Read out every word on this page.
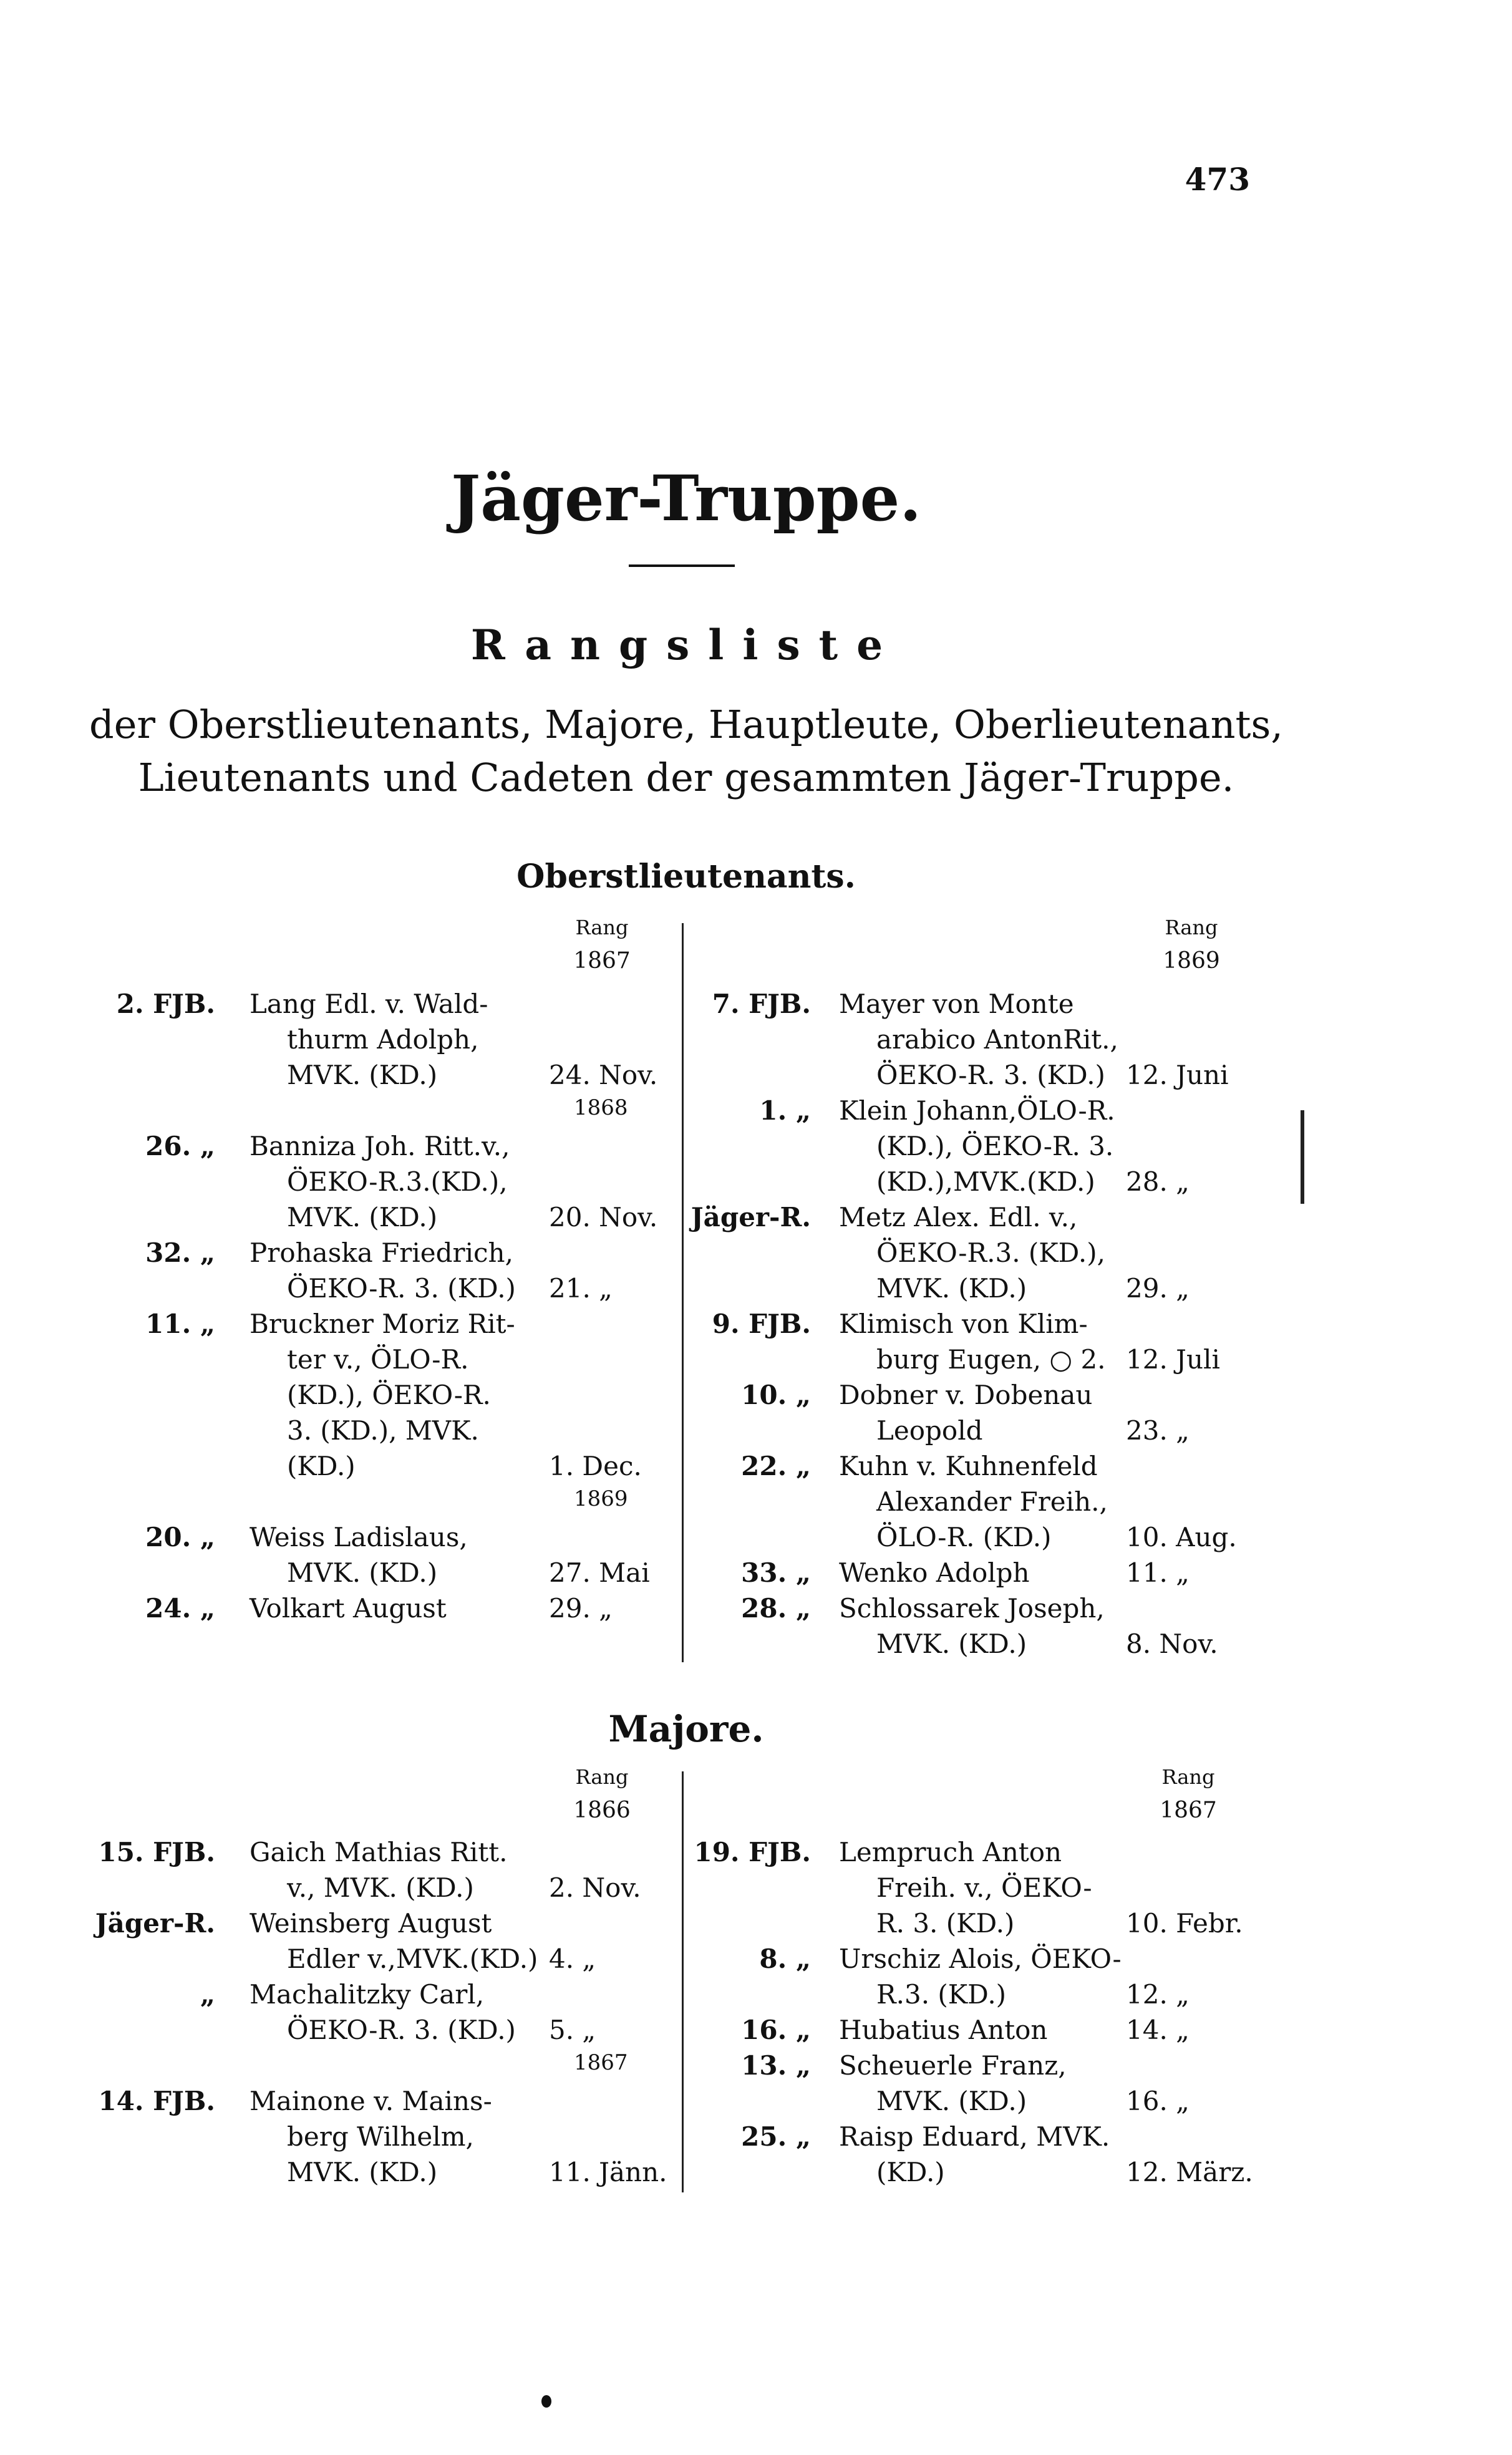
473
Jäger-Truppe.
Rangsliste
der Oberstlieutenants, Majore, Hauptleute, Oberlieutenants,
Lieutenants und Cadeten der gesammten Jäger-Truppe.
Oberstlieutenants.
Rang
1867
Rang
1869
2. FJB. Lang Edl. v. Wald-
thurm Adolph,
MVK. (KD.)	24. Nov.
1868
26. „ Banniza Joh. Ritt.v.,
ÖEKO-R.3.(KD.),
MVK. (KD.)	20. Nov.
32. „ Prohaska Friedrich,
ÖEKO-R. 3. (KD.) 21. „
11. „ Bruckner Moriz Rit-
ter v., ÖLO-R.
(KD.), ÖEKO-R.
3. (KD.), MVK.
(KD.)	1. Dec.
1869
20. „ Weiss Ladislaus,
MVK. (KD.)	27. Mai
24. „ Volkart August	29. „
7. FJB. Mayer von Monte
arabico AntonRit.,
ÖEKO-R. 3. (KD.) 12. Juni
1. „ Klein Johann,ÖLO-R.
(KD.), ÖEKO-R. 3.
(KD.),MVK.(KD.) 28. „
Jäger-R. Metz Alex. Edl. v.,
ÖEKO-R.3. (KD.),
MVK. (KD.)	29. „
9. FJB. Klimisch von Klim-
burg Eugen, ○ 2. 12. Juli
10. „ Dobner v. Dobenau
Leopold	23. „
22. „ Kuhn v. Kuhnenfeld
Alexander Freih.,
ÖLO-R. (KD.)	10. Aug.
33. „ Wenko Adolph	11. „
28. „ Schlossarek Joseph,
MVK. (KD.)	8. Nov.
Majore.
Rang
1866
Rang
1867
15. FJB. Gaich Mathias Ritt.
v., MVK. (KD.)	2. Nov.
Jäger-R. Weinsberg August
Edler v.,MVK.(KD.) 4. „
„ Machalitzky Carl,
ÖEKO-R. 3. (KD.) 5. „
1867
14. FJB. Mainone v. Mains-
berg Wilhelm,
MVK. (KD.)	11. Jänn.
19. FJB. Lempruch Anton
Freih. v., ÖEKO-
R. 3. (KD.)	10. Febr.
8. „ Urschiz Alois, ÖEKO-
R.3. (KD.)	12. „
16. „ Hubatius Anton	14. „
13. „ Scheuerle Franz,
MVK. (KD.)	16. „
25. „ Raisp Eduard, MVK.
(KD.)	12. März.
